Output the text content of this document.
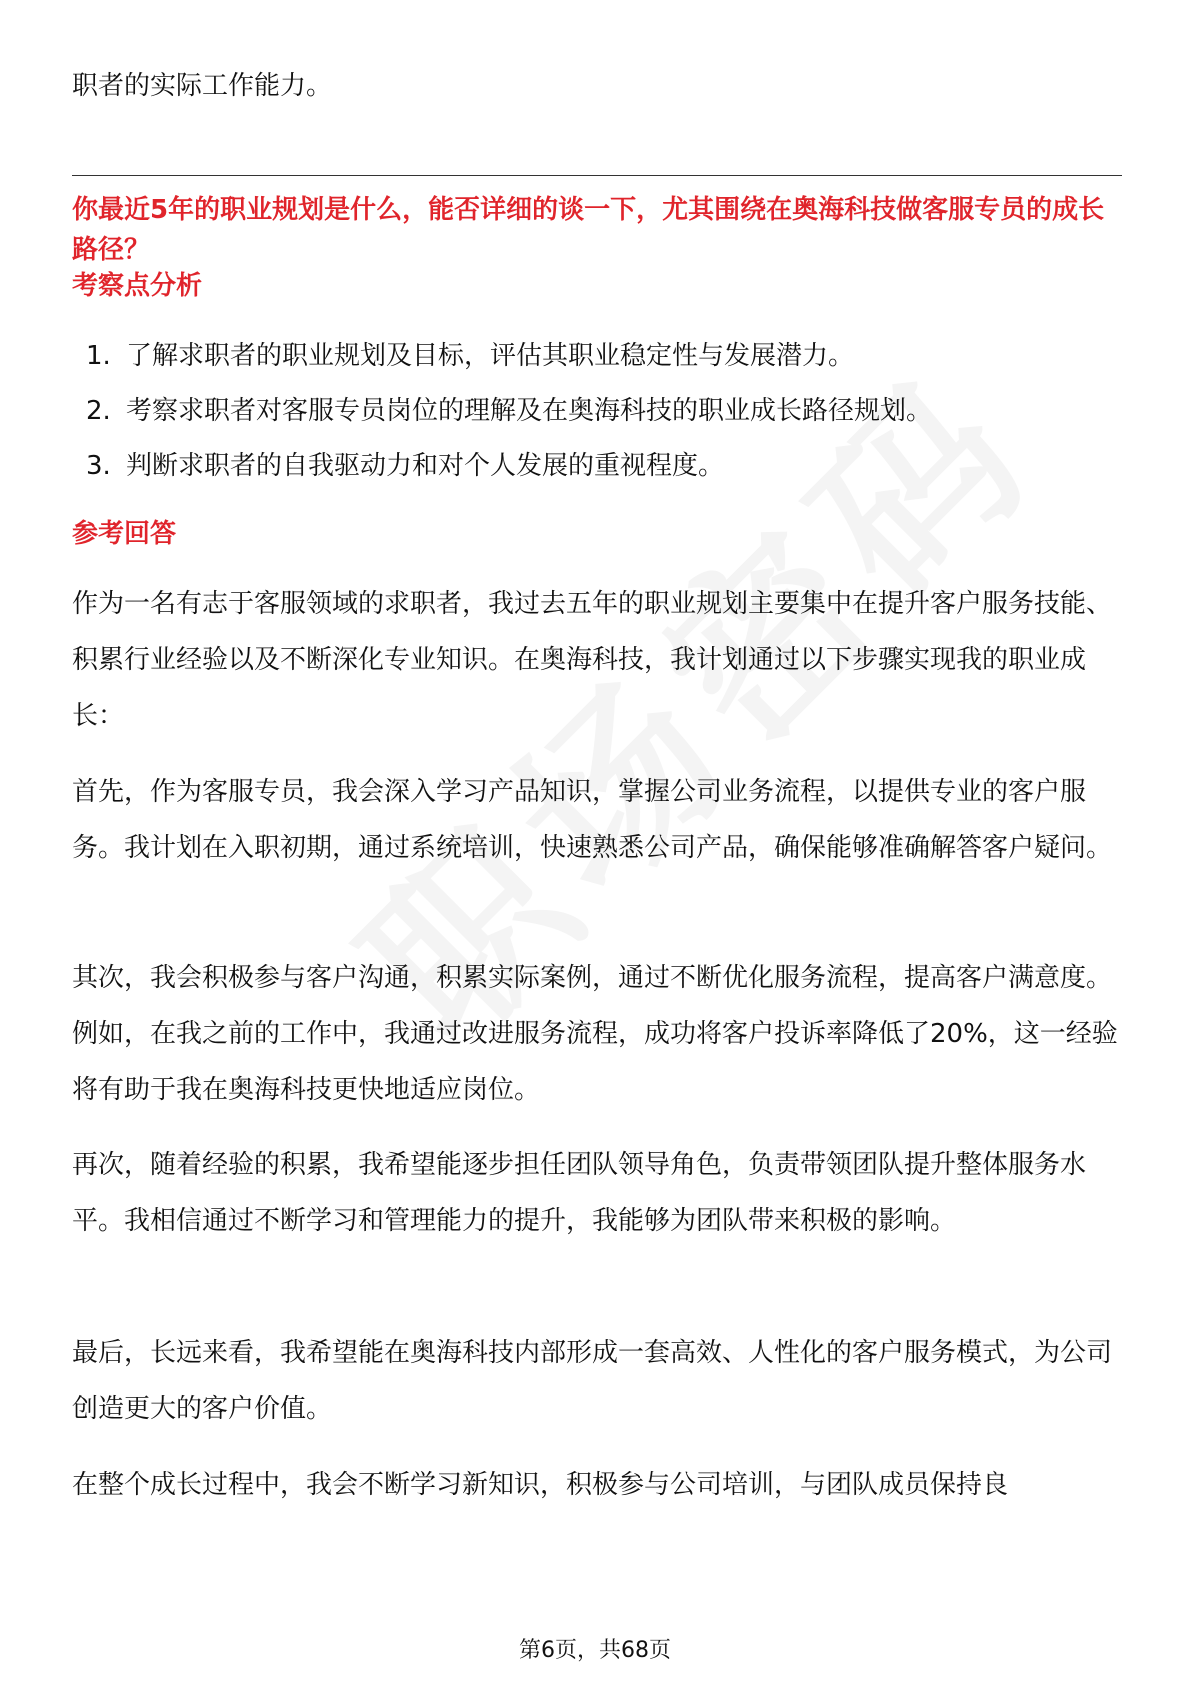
职者的实际工作能力。

你最近5年的职业规划是什么，能否详细的谈一下，尤其围绕在奥海科技做客服专员的成长路径？

考察点分析

1. 了解求职者的职业规划及目标，评估其职业稳定性与发展潜力。

2. 考察求职者对客服专员岗位的理解及在奥海科技的职业成长路径规划。

3. 判断求职者的自我驱动力和对个人发展的重视程度。

参考回答

作为一名有志于客服领域的求职者，我过去五年的职业规划主要集中在提升客户服务技能、积累行业经验以及不断深化专业知识。在奥海科技，我计划通过以下步骤实现我的职业成长：

首先，作为客服专员，我会深入学习产品知识，掌握公司业务流程，以提供专业的客户服务。我计划在入职初期，通过系统培训，快速熟悉公司产品，确保能够准确解答客户疑问。

其次，我会积极参与客户沟通，积累实际案例，通过不断优化服务流程，提高客户满意度。例如，在我之前的工作中，我通过改进服务流程，成功将客户投诉率降低了20%，这一经验将有助于我在奥海科技更快地适应岗位。

再次，随着经验的积累，我希望能逐步担任团队领导角色，负责带领团队提升整体服务水平。我相信通过不断学习和管理能力的提升，我能够为团队带来积极的影响。

最后，长远来看，我希望能在奥海科技内部形成一套高效、人性化的客户服务模式，为公司创造更大的客户价值。

在整个成长过程中，我会不断学习新知识，积极参与公司培训，与团队成员保持良

第6页，共68页
